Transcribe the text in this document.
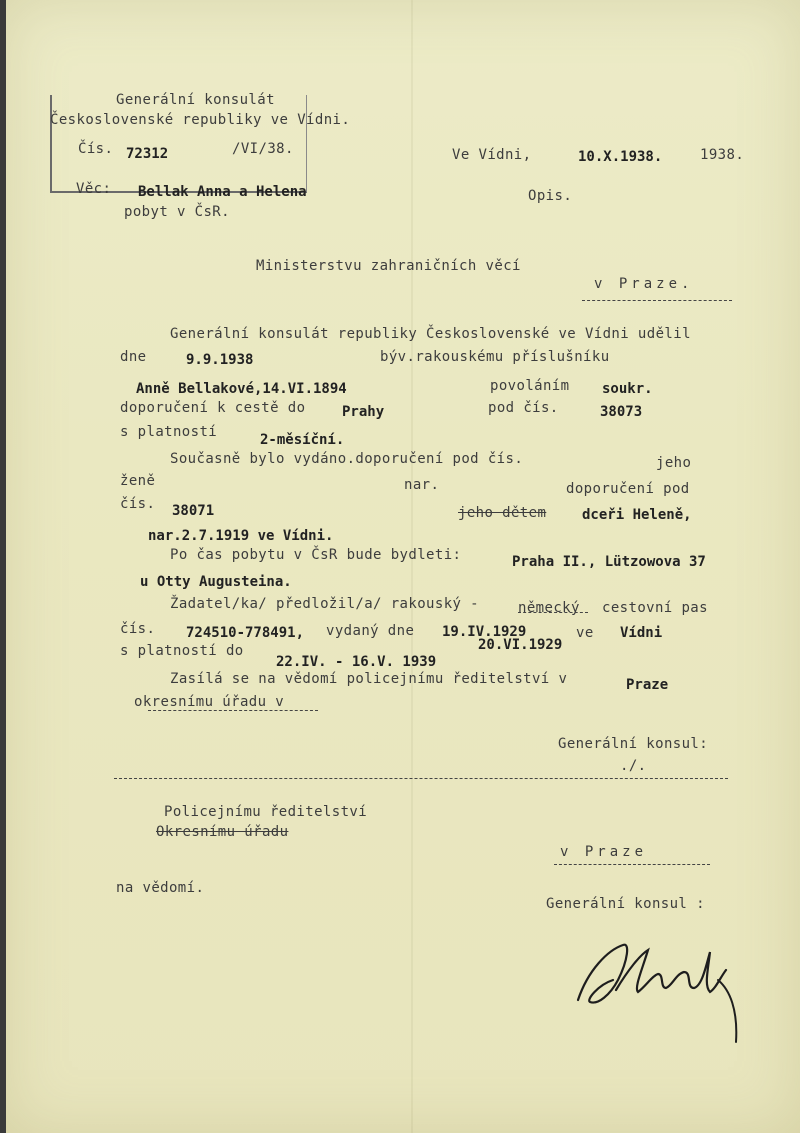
Generální konsulát
Československé republiky ve Vídni.
Čís. 72312	/VI/38.
Věc: Bellak Anna a Helena
pobyt v ČsR.
Ve Vídni,	10.X.1938.	1938.
Opis.
Ministerstvu zahraničních věcí
v Praze.
Generální konsulát republiky Československé ve Vídni udělil
dne	9.9.1938	býv.rakouskému příslušníku
Anně Bellakové,14.VI.1894	povoláním soukr.
doporučení k cestě do	Prahy	pod čís.	38073
s platností	2-měsíční.
Současně bylo vydáno.doporučení pod čís.	jeho
ženě	nar.	doporučení pod
čís. 38071	jeho dětem	dceři Heleně,
nar.2.7.1919 ve Vídni.
Po čas pobytu v ČsR bude bydleti:	Praha II., Lützowova 37
u Otty Augusteina.
Žadatel/ka/ předložil/a/ rakouský -	německý cestovní pas
čís. 724510-778491, vydaný dne 19.IV.1929
20.VI.1929
ve Vídni
s platností do
22.IV. - 16.V. 1939
Zasílá se na vědomí policejnímu ředitelství v	Praze
okresnímu úřadu v
Generální konsul:
./.
Policejnímu ředitelství
Okresnímu úřadu
v Praze
na vědomí.
Generální konsul :
